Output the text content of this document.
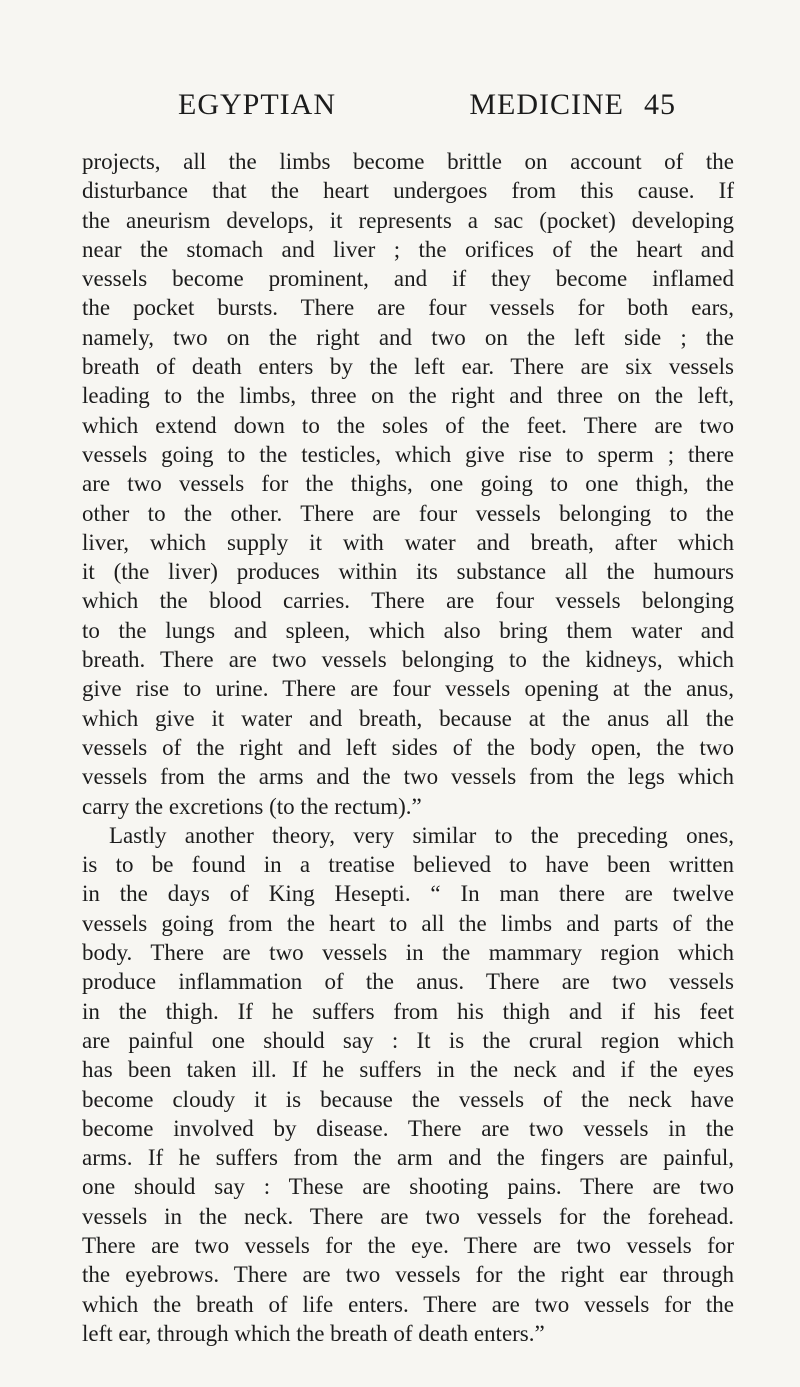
EGYPTIAN MEDICINE 45
projects, all the limbs become brittle on account of the
disturbance that the heart undergoes from this cause. If
the aneurism develops, it represents a sac (pocket) developing
near the stomach and liver ; the orifices of the heart and
vessels become prominent, and if they become inflamed
the pocket bursts. There are four vessels for both ears,
namely, two on the right and two on the left side ; the
breath of death enters by the left ear. There are six vessels
leading to the limbs, three on the right and three on the left,
which extend down to the soles of the feet. There are two
vessels going to the testicles, which give rise to sperm ; there
are two vessels for the thighs, one going to one thigh, the
other to the other. There are four vessels belonging to the
liver, which supply it with water and breath, after which
it (the liver) produces within its substance all the humours
which the blood carries. There are four vessels belonging
to the lungs and spleen, which also bring them water and
breath. There are two vessels belonging to the kidneys, which
give rise to urine. There are four vessels opening at the anus,
which give it water and breath, because at the anus all the
vessels of the right and left sides of the body open, the two
vessels from the arms and the two vessels from the legs which
carry the excretions (to the rectum).”
Lastly another theory, very similar to the preceding ones,
is to be found in a treatise believed to have been written
in the days of King Hesepti. “ In man there are twelve
vessels going from the heart to all the limbs and parts of the
body. There are two vessels in the mammary region which
produce inflammation of the anus. There are two vessels
in the thigh. If he suffers from his thigh and if his feet
are painful one should say : It is the crural region which
has been taken ill. If he suffers in the neck and if the eyes
become cloudy it is because the vessels of the neck have
become involved by disease. There are two vessels in the
arms. If he suffers from the arm and the fingers are painful,
one should say : These are shooting pains. There are two
vessels in the neck. There are two vessels for the forehead.
There are two vessels for the eye. There are two vessels for
the eyebrows. There are two vessels for the right ear through
which the breath of life enters. There are two vessels for the
left ear, through which the breath of death enters.”
